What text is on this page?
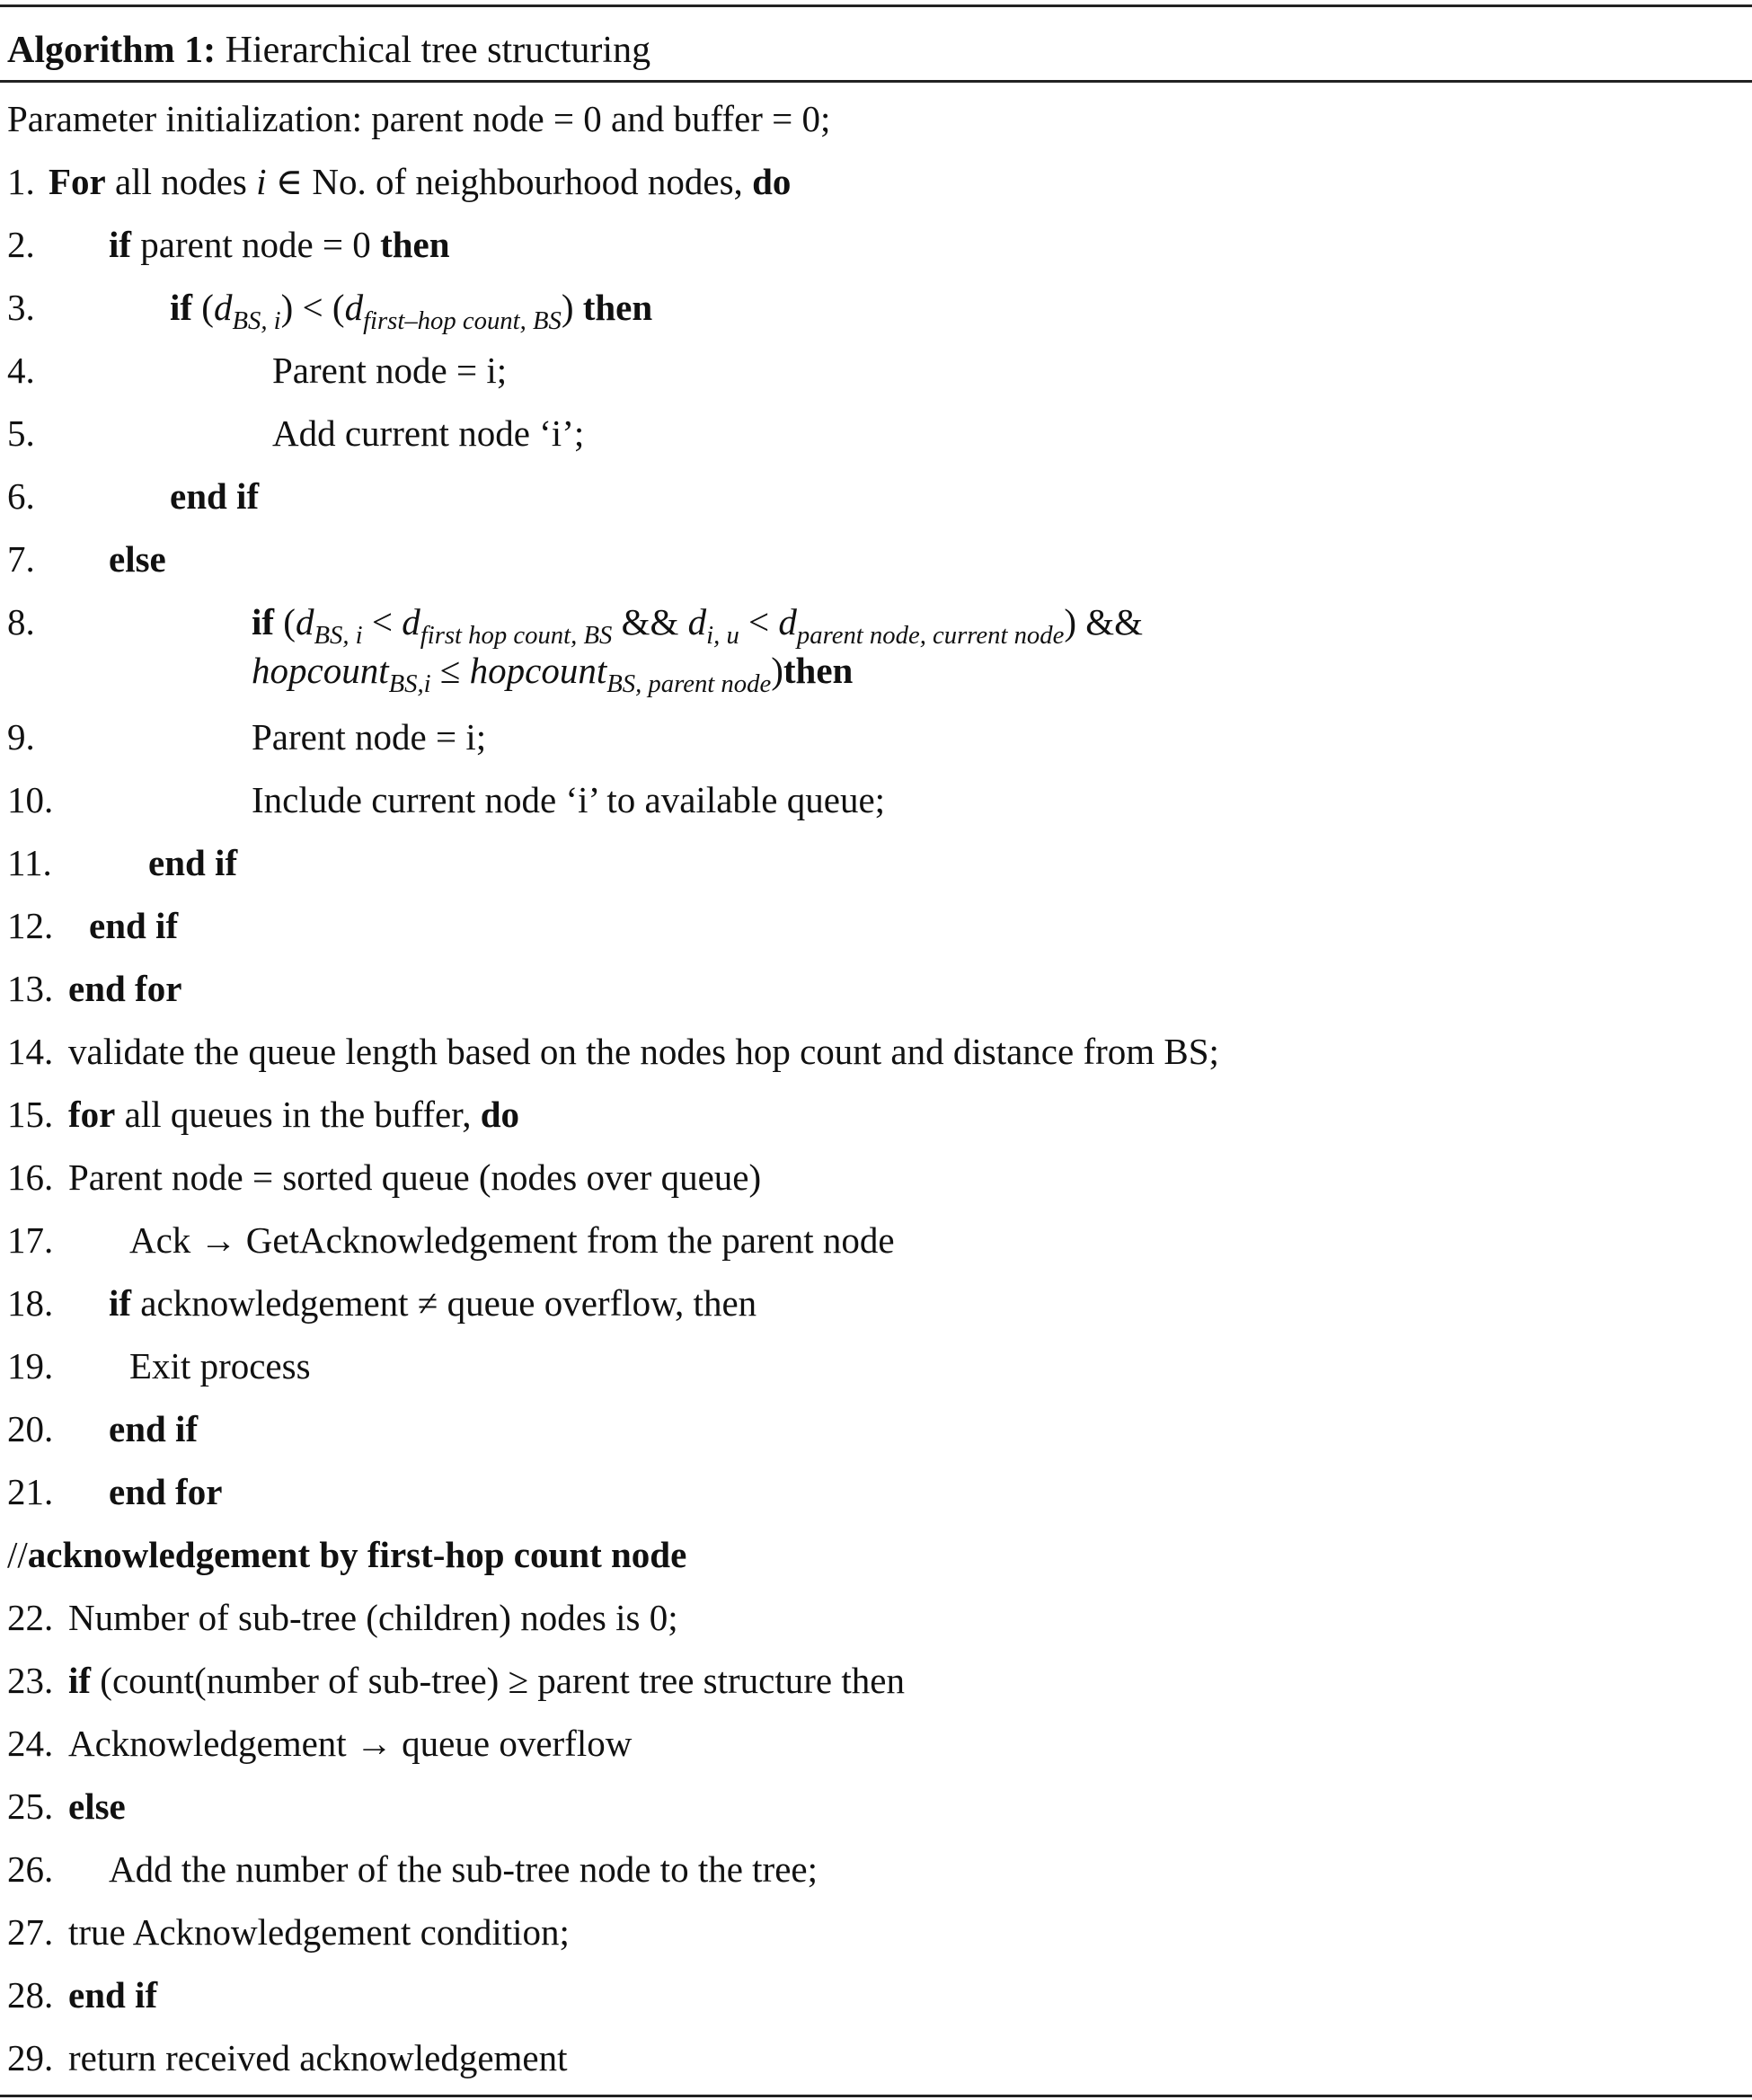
Algorithm 1: Hierarchical tree structuring
Parameter initialization: parent node = 0 and buffer = 0;
1. For all nodes i ∈ No. of neighbourhood nodes, do
2. if parent node = 0 then
3.	if $(d_{BS, i}) < (d_{first-hop count, BS})$ then
4.	Parent node = i;
5.	Add current node ‘i’;
6.	end if
7. else
8.	if ($d_{BS, i} < d_{first hop count, BS}$ && $d_{i, u} < d_{parent node, current node}$) &&
hopcount$_{BS,i}$ ≤ hopcount$_{BS, parent node}$)then
9.	Parent node = i;
10.	Include current node ‘i’ to available queue;
11.	end if
12. end if
13. end for
14. validate the queue length based on the nodes hop count and distance from BS;
15. for all queues in the buffer, do
16. Parent node = sorted queue (nodes over queue)
17. Ack → GetAcknowledgement from the parent node
18. if acknowledgement ≠ queue overflow, then
19. Exit process
20. end if
21. end for
//acknowledgement by first-hop count node
22. Number of sub-tree (children) nodes is 0;
23. if (count(number of sub-tree) ≥ parent tree structure then
24. Acknowledgement → queue overflow
25. else
26. Add the number of the sub-tree node to the tree;
27. true Acknowledgement condition;
28. end if
29. return received acknowledgement
